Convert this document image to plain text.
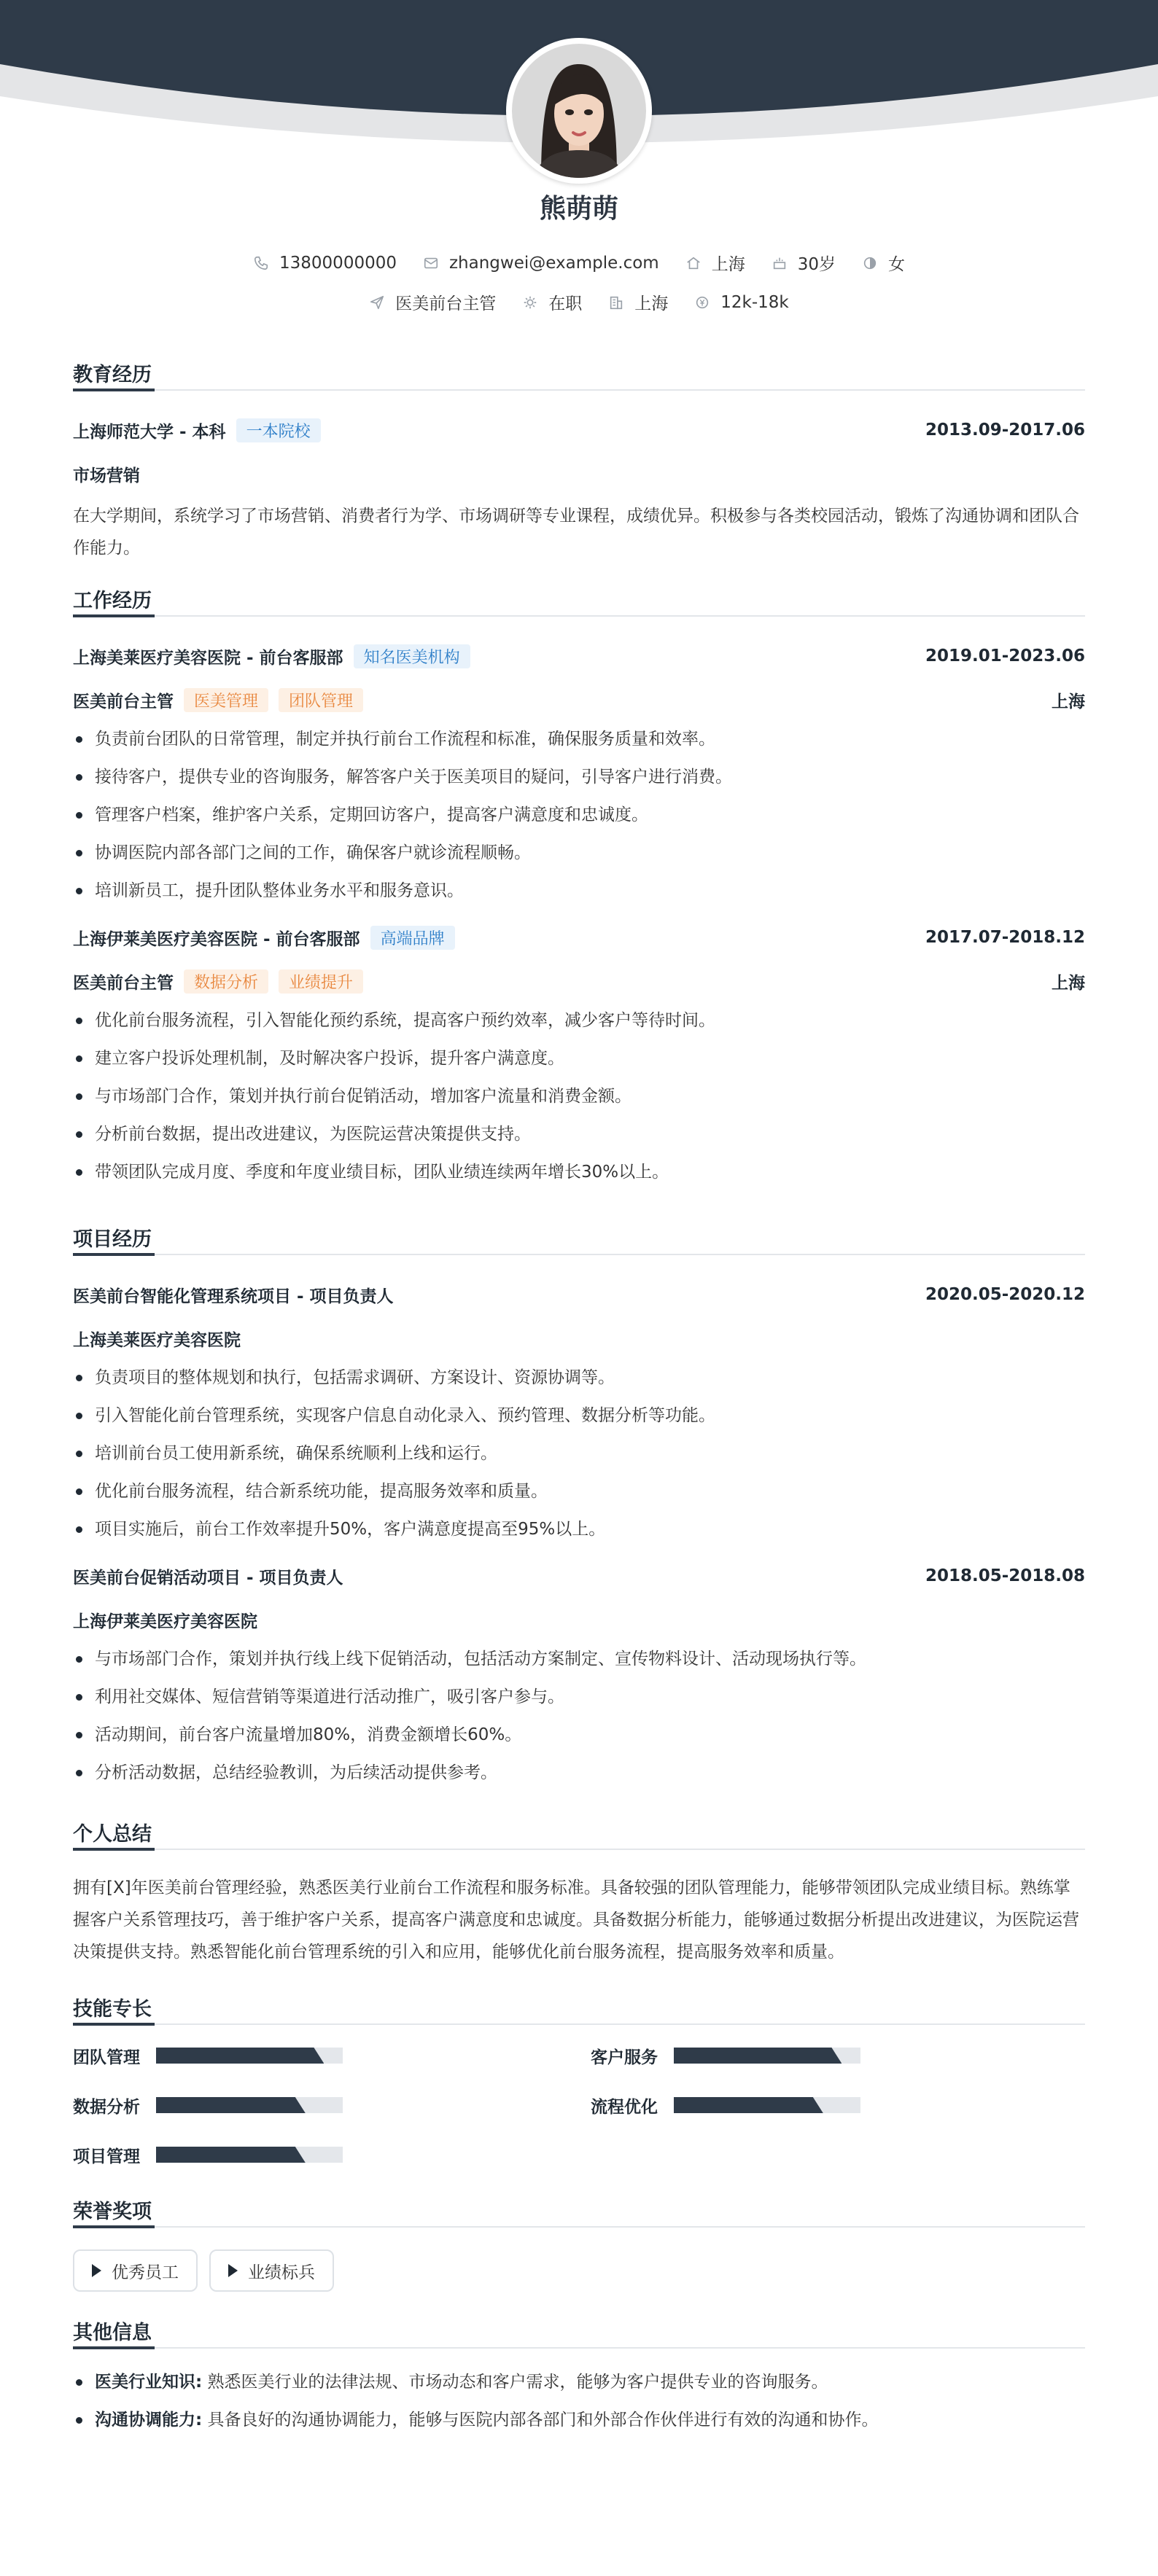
熊萌萌
13800000000	zhangwei@example.com	上海	30岁	女
医美前台主管	在职	上海	12k-18k
教育经历
上海师范大学 - 本科	一本院校	2013.09-2017.06
市场营销
在大学期间，系统学习了市场营销、消费者行为学、市场调研等专业课程，成绩优异。积极参与各类校园活动，锻炼了沟通协调和团队合作能力。
工作经历
上海美莱医疗美容医院 - 前台客服部	知名医美机构	2019.01-2023.06
医美前台主管	医美管理	团队管理	上海
负责前台团队的日常管理，制定并执行前台工作流程和标准，确保服务质量和效率。
接待客户，提供专业的咨询服务，解答客户关于医美项目的疑问，引导客户进行消费。
管理客户档案，维护客户关系，定期回访客户，提高客户满意度和忠诚度。
协调医院内部各部门之间的工作，确保客户就诊流程顺畅。
培训新员工，提升团队整体业务水平和服务意识。
上海伊莱美医疗美容医院 - 前台客服部	高端品牌	2017.07-2018.12
医美前台主管	数据分析	业绩提升	上海
优化前台服务流程，引入智能化预约系统，提高客户预约效率，减少客户等待时间。
建立客户投诉处理机制，及时解决客户投诉，提升客户满意度。
与市场部门合作，策划并执行前台促销活动，增加客户流量和消费金额。
分析前台数据，提出改进建议，为医院运营决策提供支持。
带领团队完成月度、季度和年度业绩目标，团队业绩连续两年增长30%以上。
项目经历
医美前台智能化管理系统项目 - 项目负责人	2020.05-2020.12
上海美莱医疗美容医院
负责项目的整体规划和执行，包括需求调研、方案设计、资源协调等。
引入智能化前台管理系统，实现客户信息自动化录入、预约管理、数据分析等功能。
培训前台员工使用新系统，确保系统顺利上线和运行。
优化前台服务流程，结合新系统功能，提高服务效率和质量。
项目实施后，前台工作效率提升50%，客户满意度提高至95%以上。
医美前台促销活动项目 - 项目负责人	2018.05-2018.08
上海伊莱美医疗美容医院
与市场部门合作，策划并执行线上线下促销活动，包括活动方案制定、宣传物料设计、活动现场执行等。
利用社交媒体、短信营销等渠道进行活动推广，吸引客户参与。
活动期间，前台客户流量增加80%，消费金额增长60%。
分析活动数据，总结经验教训，为后续活动提供参考。
个人总结
拥有[X]年医美前台管理经验，熟悉医美行业前台工作流程和服务标准。具备较强的团队管理能力，能够带领团队完成业绩目标。熟练掌握客户关系管理技巧，善于维护客户关系，提高客户满意度和忠诚度。具备数据分析能力，能够通过数据分析提出改进建议，为医院运营决策提供支持。熟悉智能化前台管理系统的引入和应用，能够优化前台服务流程，提高服务效率和质量。
技能专长
团队管理	客户服务
数据分析	流程优化
项目管理
荣誉奖项
优秀员工	业绩标兵
其他信息
医美行业知识: 熟悉医美行业的法律法规、市场动态和客户需求，能够为客户提供专业的咨询服务。
沟通协调能力: 具备良好的沟通协调能力，能够与医院内部各部门和外部合作伙伴进行有效的沟通和协作。
